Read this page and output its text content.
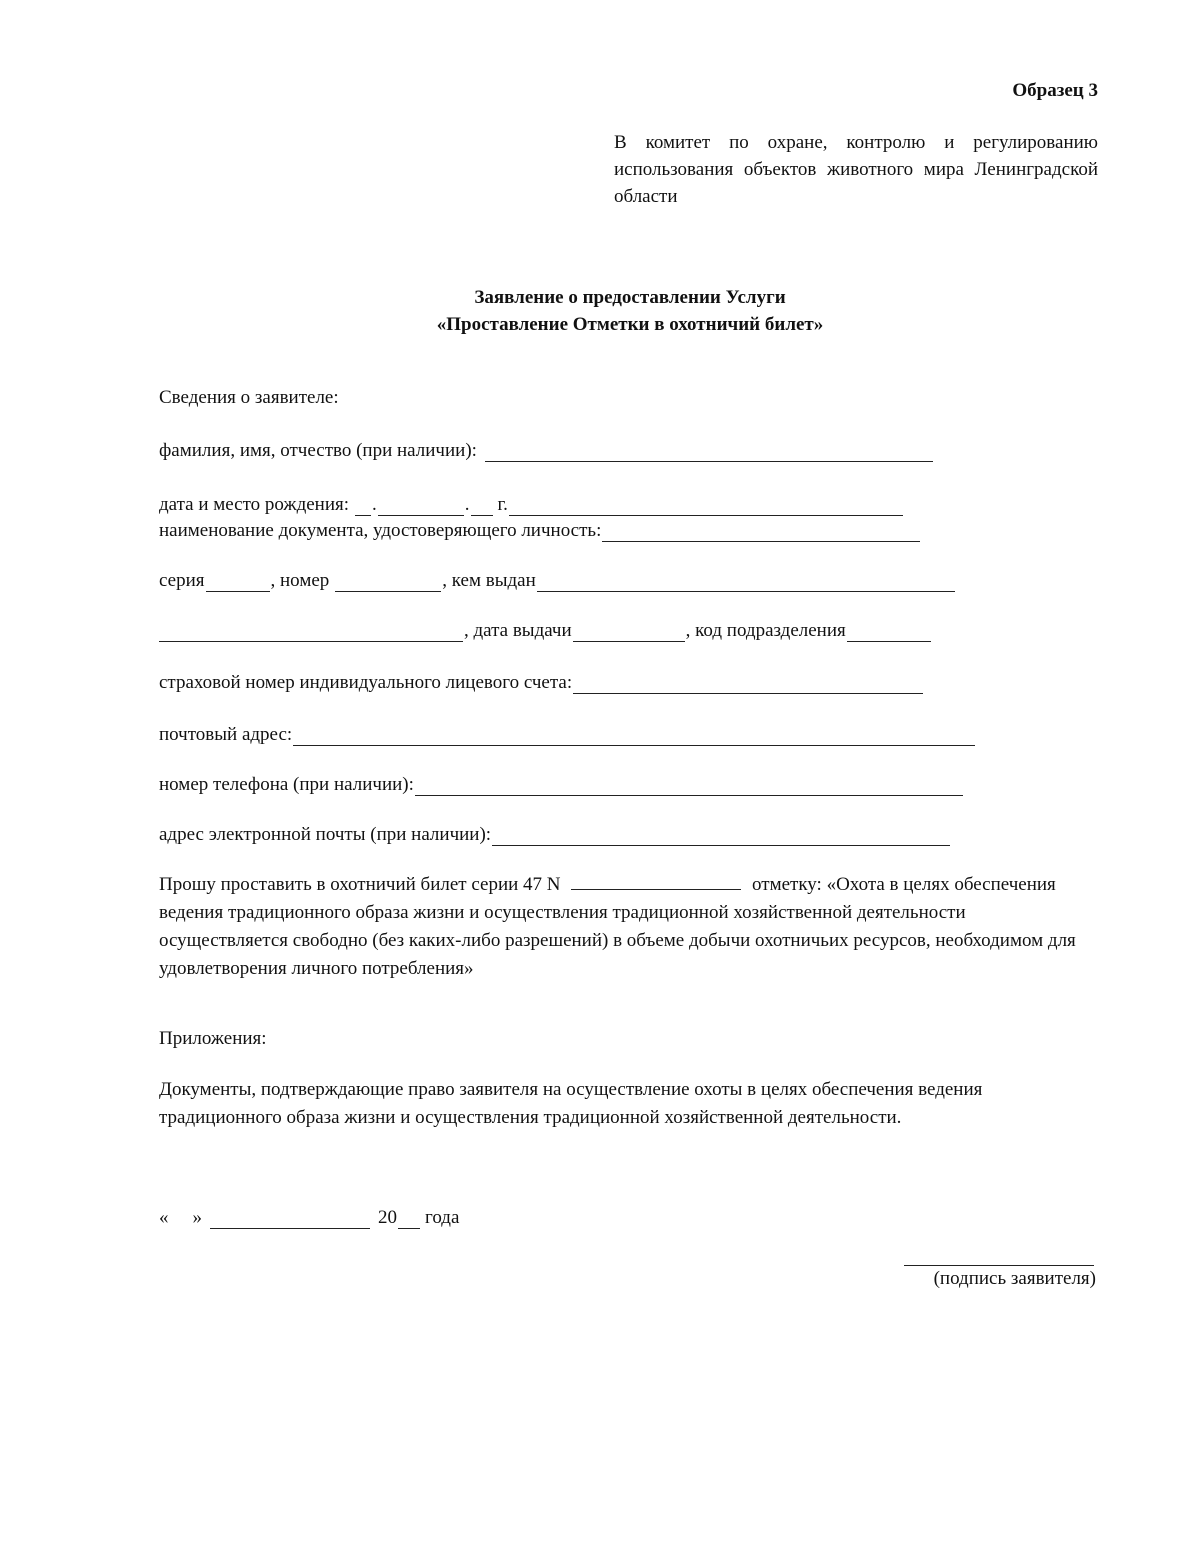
Образец 3
В комитет по охране, контролю и регулированию использования объектов животного мира Ленинградской области
Заявление о предоставлении Услуги
«Проставление Отметки в охотничий билет»
Сведения о заявителе:
фамилия, имя, отчество (при наличии):
дата и место рождения: .	. г.
наименование документа, удостоверяющего личность:
серия	, номер	, кем выдан
, дата выдачи	, код подразделения
страховой номер индивидуального лицевого счета:
почтовый адрес:
номер телефона (при наличии):
адрес электронной почты (при наличии):
Прошу проставить в охотничий билет серии 47 N	отметку: «Охота в целях обеспечения ведения традиционного образа жизни и осуществления традиционной хозяйственной деятельности осуществляется свободно (без каких-либо разрешений) в объеме добычи охотничьих ресурсов, необходимом для удовлетворения личного потребления»
Приложения:
Документы, подтверждающие право заявителя на осуществление охоты в целях обеспечения ведения традиционного образа жизни и осуществления традиционной хозяйственной деятельности.
« »	20 года
(подпись заявителя)
